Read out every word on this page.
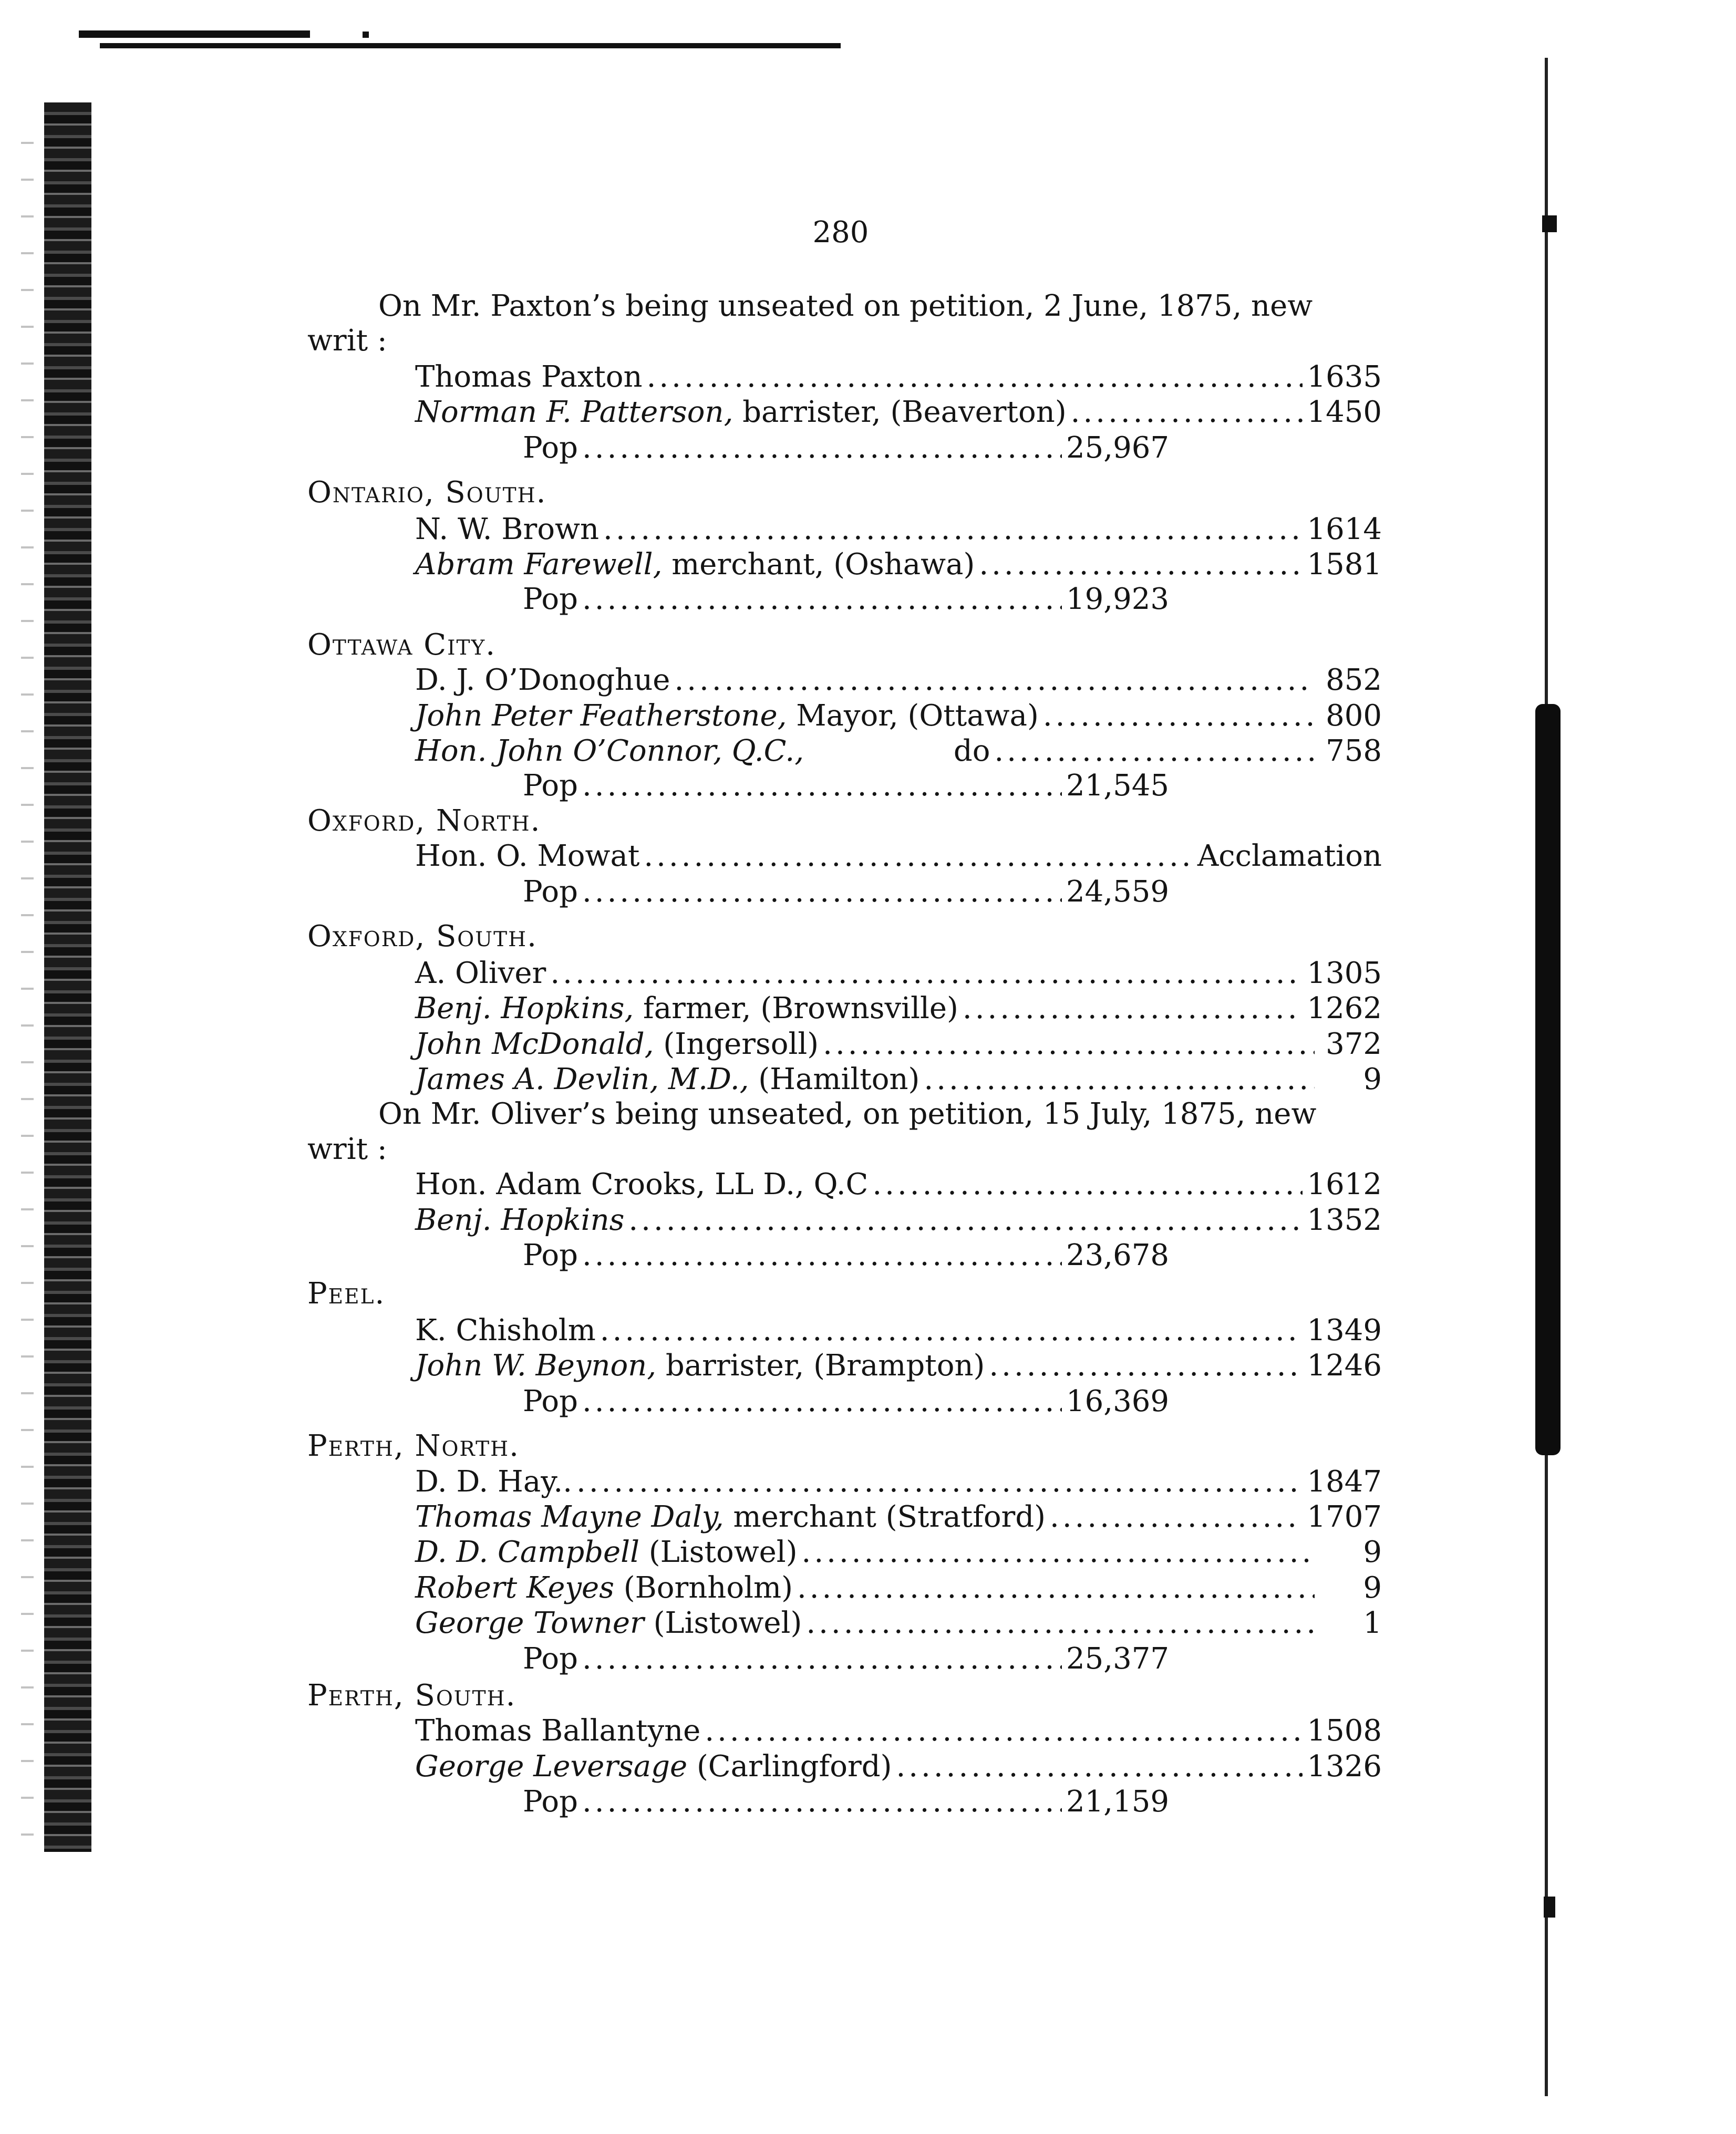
280
On Mr. Paxton’s being unseated on petition, 2 June, 1875, new
writ :
Thomas Paxton .....	1635
Norman F. Patterson, barrister, (Beaverton) .....	1450
Pop .....	25,967
Ontario, South.
N. W. Brown .....	1614
Abram Farewell, merchant, (Oshawa) .....	1581
Pop .....	19,923
Ottawa City.
D. J. O’Donoghue .....	852
John Peter Featherstone, Mayor, (Ottawa) .....	800
Hon. John O’Connor, Q.C.,                do .....	758
Pop .....	21,545
Oxford, North.
Hon. O. Mowat .....	Acclamation
Pop .....	24,559
Oxford, South.
A. Oliver .....	1305
Benj. Hopkins, farmer, (Brownsville) .....	1262
John McDonald, (Ingersoll) .....	372
James A. Devlin, M.D., (Hamilton) .....	9
On Mr. Oliver’s being unseated, on petition, 15 July, 1875, new
writ :
Hon. Adam Crooks, LL D., Q.C .....	1612
Benj. Hopkins .....	1352
Pop .....	23,678
Peel.
K. Chisholm .....	1349
John W. Beynon, barrister, (Brampton) .....	1246
Pop .....	16,369
Perth, North.
D. D. Hay.. .....	1847
Thomas Mayne Daly, merchant (Stratford) .....	1707
D. D. Campbell (Listowel) .....	9
Robert Keyes (Bornholm) .....	9
George Towner (Listowel) .....	1
Pop .....	25,377
Perth, South.
Thomas Ballantyne .....	1508
George Leversage (Carlingford) .....	1326
Pop .....	21,159
